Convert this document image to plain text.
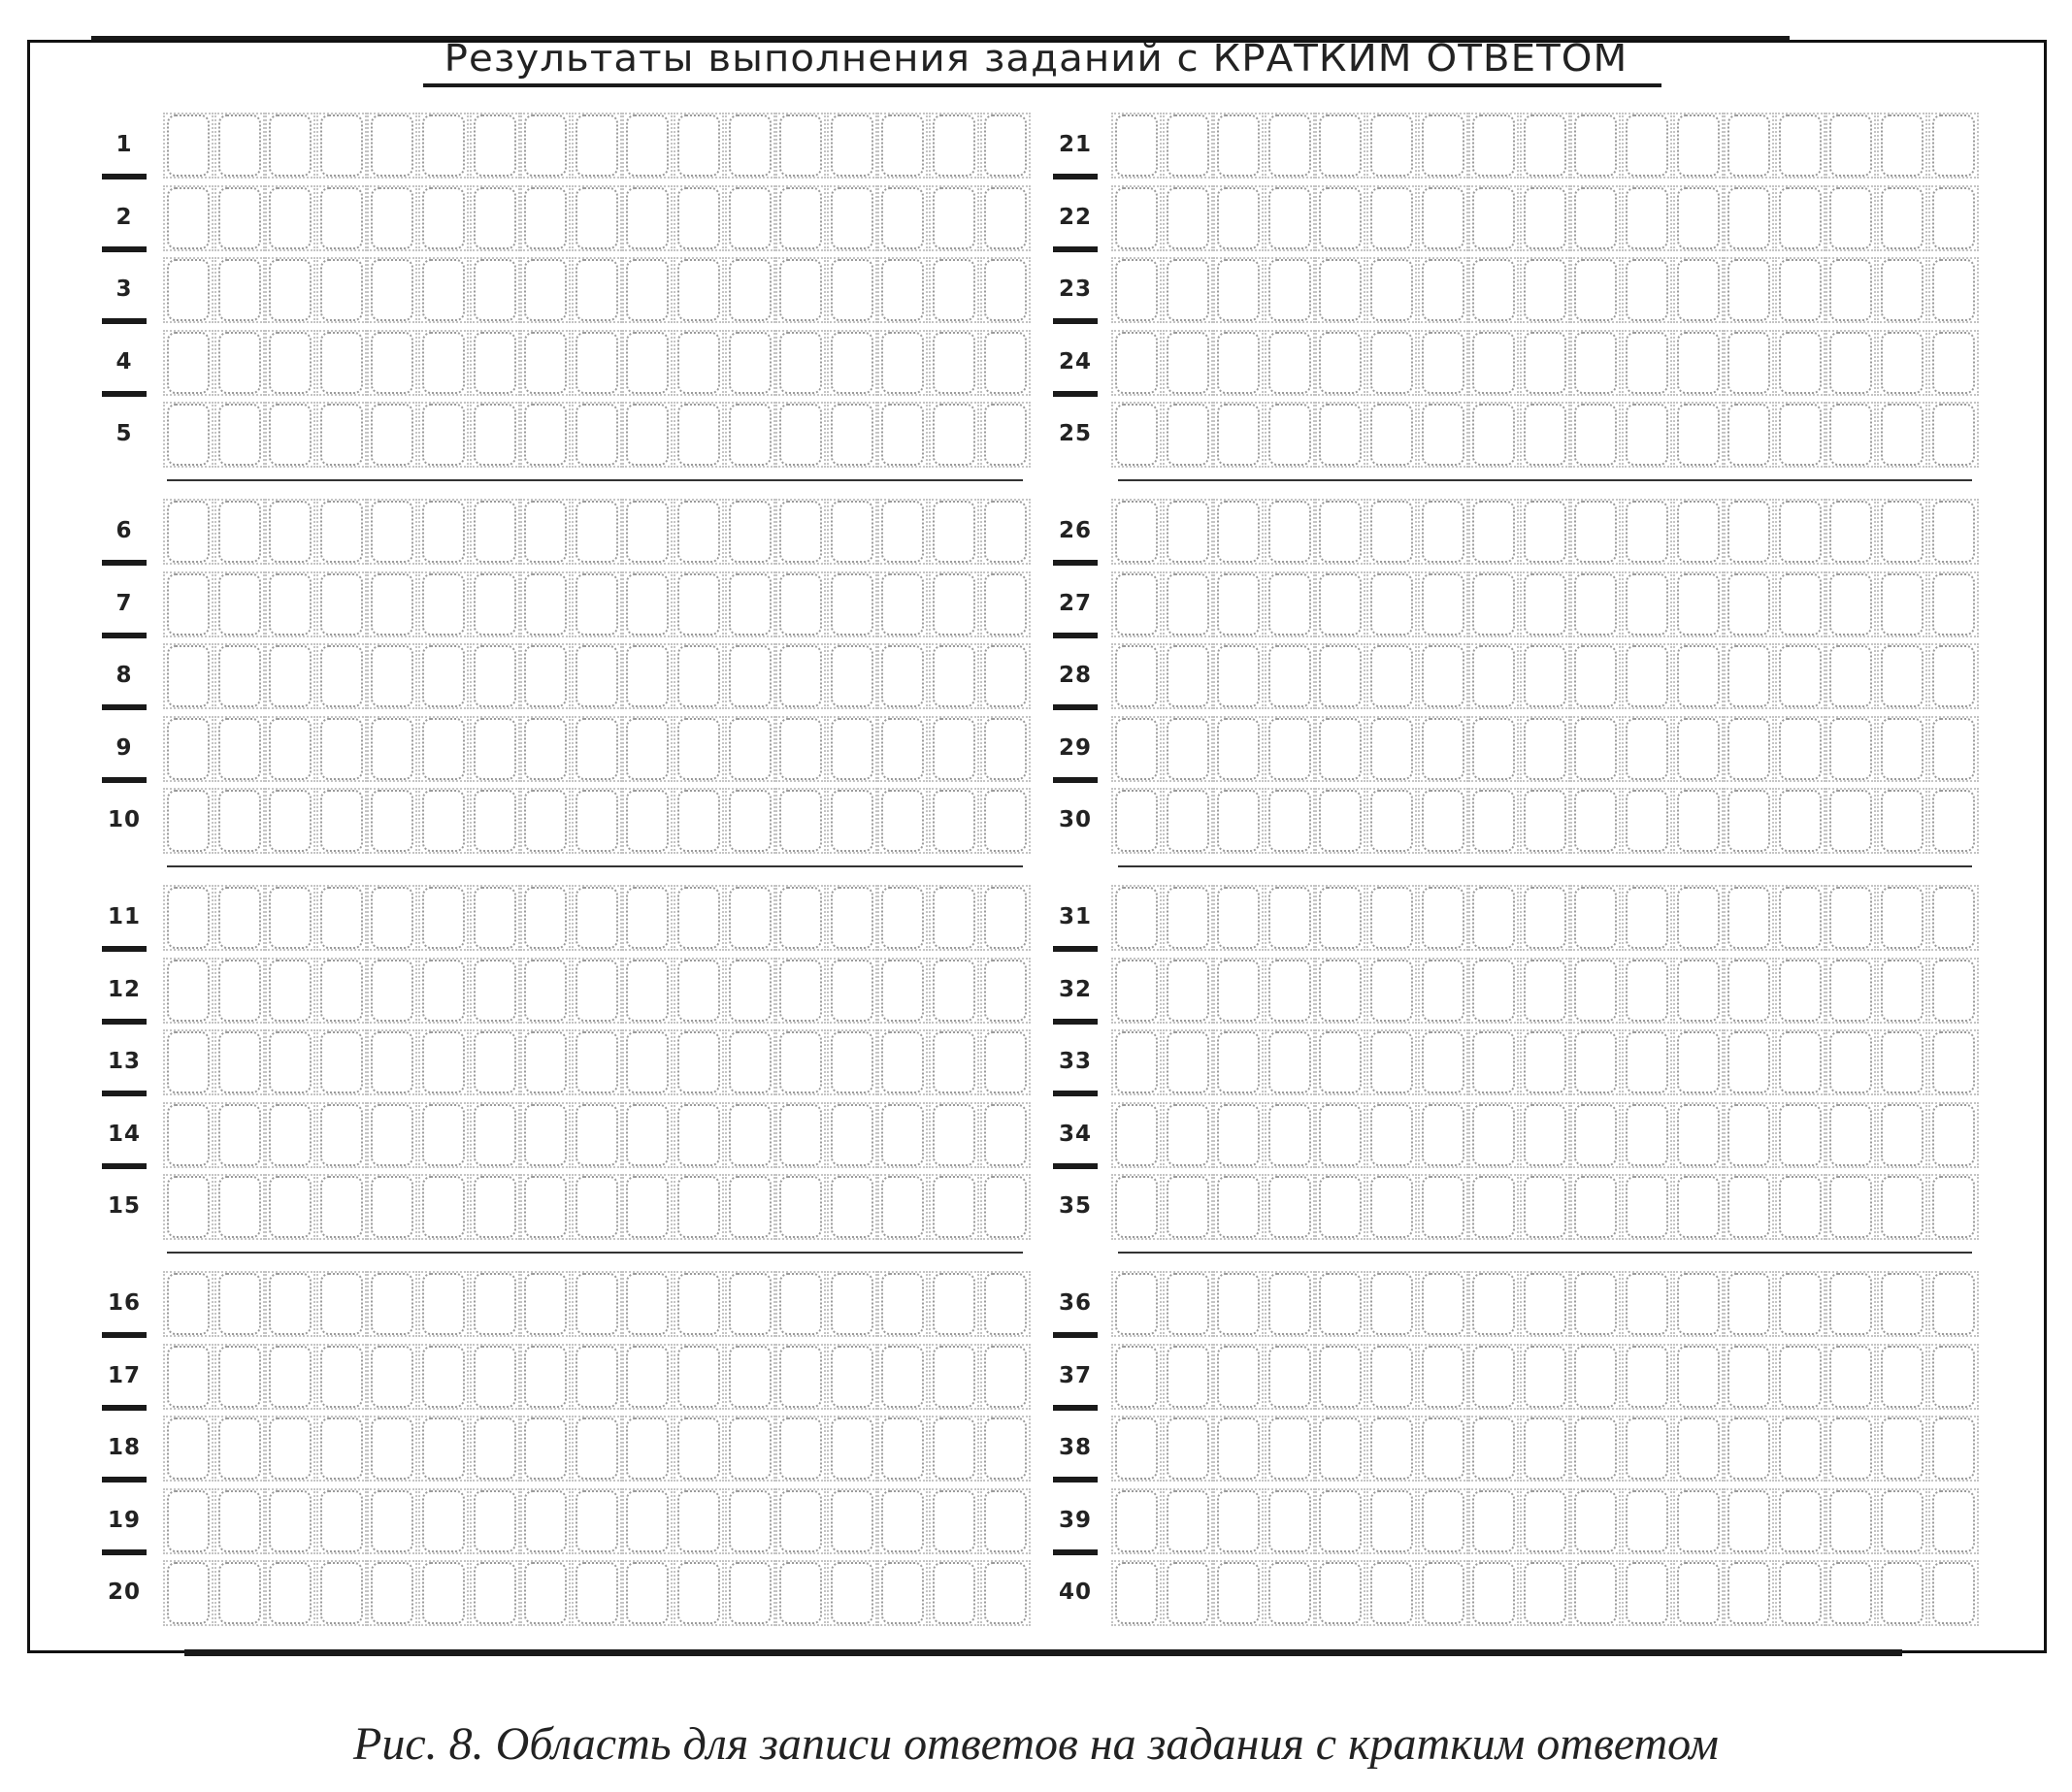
Результаты выполнения заданий с КРАТКИМ ОТВЕТОМ
1
2
3
4
5
6
7
8
9
10
11
12
13
14
15
16
17
18
19
20
21
22
23
24
25
26
27
28
29
30
31
32
33
34
35
36
37
38
39
40
Рис. 8. Область для записи ответов на задания с кратким ответом
